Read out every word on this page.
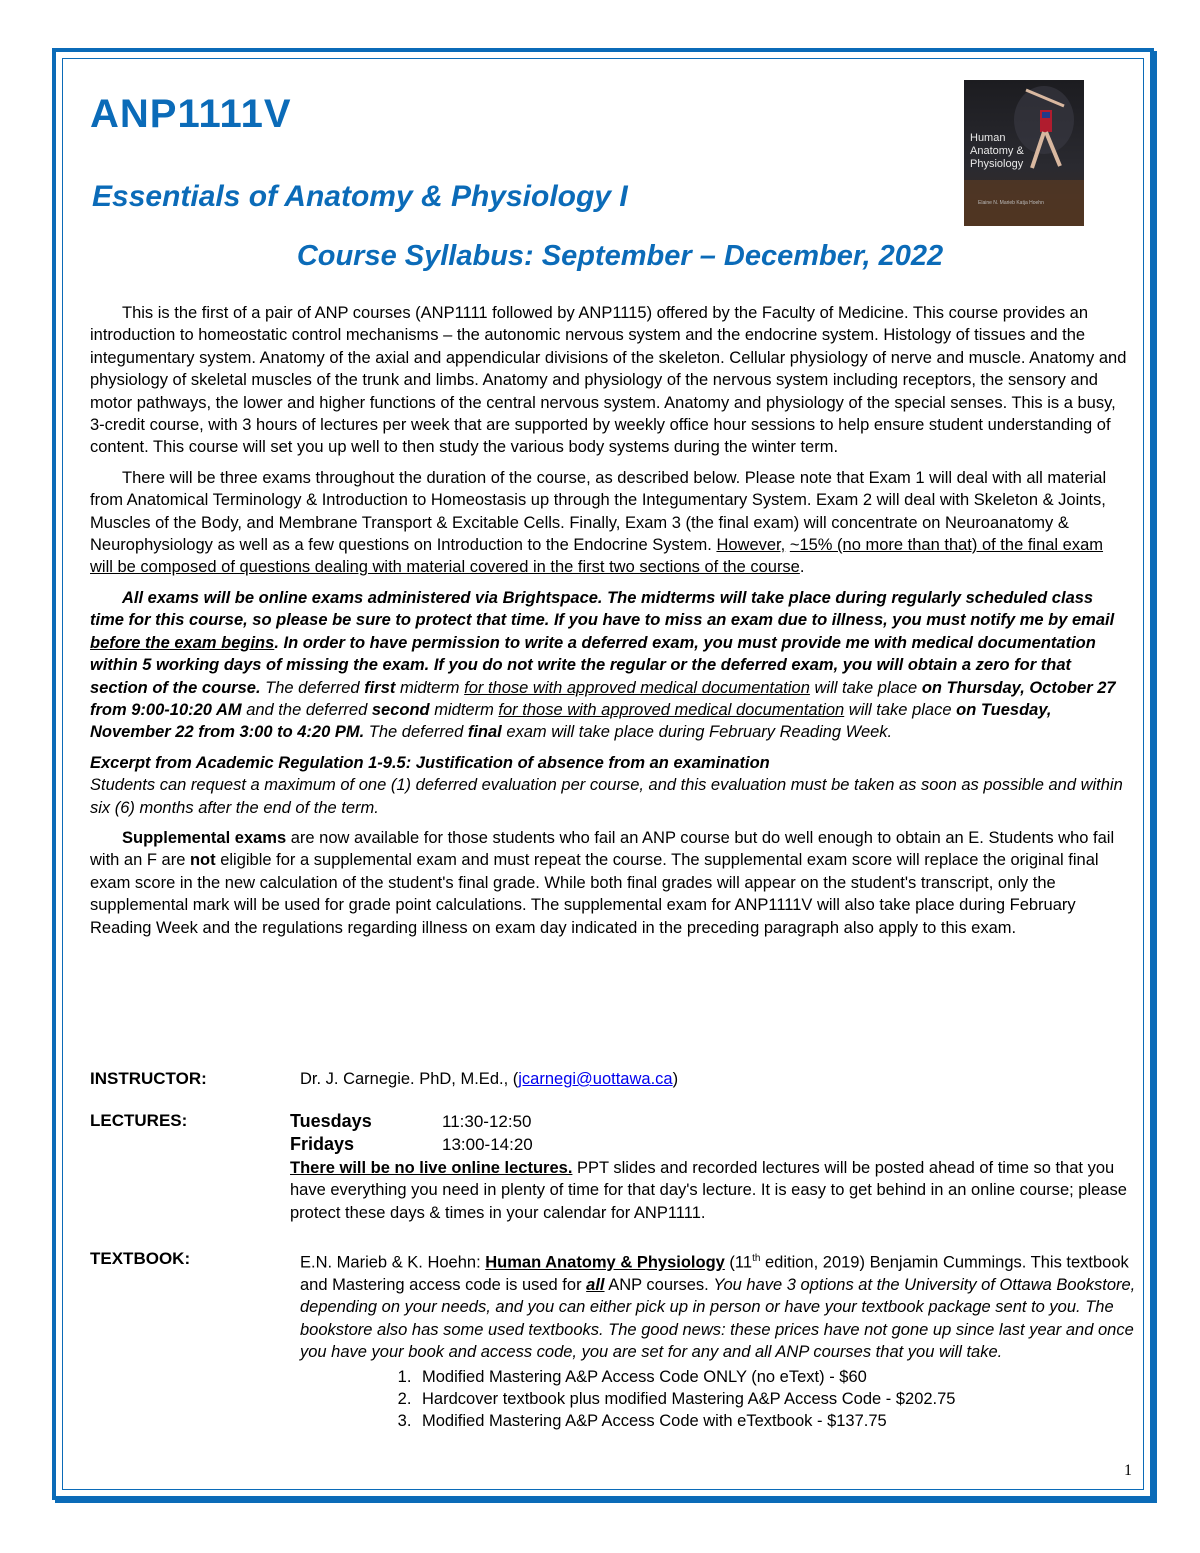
ANP1111V
Essentials of Anatomy & Physiology I
Course Syllabus: September – December, 2022
Human
Anatomy &
Physiology
Elaine N. Marieb Katja Hoehn

This is the first of a pair of ANP courses (ANP1111 followed by ANP1115) offered by the Faculty of Medicine. This course provides an introduction to homeostatic control mechanisms – the autonomic nervous system and the endocrine system. Histology of tissues and the integumentary system. Anatomy of the axial and appendicular divisions of the skeleton. Cellular physiology of nerve and muscle. Anatomy and physiology of skeletal muscles of the trunk and limbs. Anatomy and physiology of the nervous system including receptors, the sensory and motor pathways, the lower and higher functions of the central nervous system. Anatomy and physiology of the special senses. This is a busy, 3-credit course, with 3 hours of lectures per week that are supported by weekly office hour sessions to help ensure student understanding of content. This course will set you up well to then study the various body systems during the winter term.

There will be three exams throughout the duration of the course, as described below. Please note that Exam 1 will deal with all material from Anatomical Terminology & Introduction to Homeostasis up through the Integumentary System. Exam 2 will deal with Skeleton & Joints, Muscles of the Body, and Membrane Transport & Excitable Cells. Finally, Exam 3 (the final exam) will concentrate on Neuroanatomy & Neurophysiology as well as a few questions on Introduction to the Endocrine System. However, ~15% (no more than that) of the final exam will be composed of questions dealing with material covered in the first two sections of the course.

All exams will be online exams administered via Brightspace. The midterms will take place during regularly scheduled class time for this course, so please be sure to protect that time. If you have to miss an exam due to illness, you must notify me by email before the exam begins. In order to have permission to write a deferred exam, you must provide me with medical documentation within 5 working days of missing the exam. If you do not write the regular or the deferred exam, you will obtain a zero for that section of the course. The deferred first midterm for those with approved medical documentation will take place on Thursday, October 27 from 9:00-10:20 AM and the deferred second midterm for those with approved medical documentation will take place on Tuesday, November 22 from 3:00 to 4:20 PM. The deferred final exam will take place during February Reading Week.

Excerpt from Academic Regulation 1-9.5: Justification of absence from an examination
Students can request a maximum of one (1) deferred evaluation per course, and this evaluation must be taken as soon as possible and within six (6) months after the end of the term.

Supplemental exams are now available for those students who fail an ANP course but do well enough to obtain an E. Students who fail with an F are not eligible for a supplemental exam and must repeat the course. The supplemental exam score will replace the original final exam score in the new calculation of the student's final grade. While both final grades will appear on the student's transcript, only the supplemental mark will be used for grade point calculations. The supplemental exam for ANP1111V will also take place during February Reading Week and the regulations regarding illness on exam day indicated in the preceding paragraph also apply to this exam.

INSTRUCTOR:	Dr. J. Carnegie. PhD, M.Ed., (jcarnegi@uottawa.ca)
LECTURES:	Tuesdays	11:30-12:50
Fridays	13:00-14:20
There will be no live online lectures. PPT slides and recorded lectures will be posted ahead of time so that you have everything you need in plenty of time for that day's lecture. It is easy to get behind in an online course; please protect these days & times in your calendar for ANP1111.
TEXTBOOK:	E.N. Marieb & K. Hoehn: Human Anatomy & Physiology (11th edition, 2019) Benjamin Cummings. This textbook and Mastering access code is used for all ANP courses. You have 3 options at the University of Ottawa Bookstore, depending on your needs, and you can either pick up in person or have your textbook package sent to you. The bookstore also has some used textbooks. The good news: these prices have not gone up since last year and once you have your book and access code, you are set for any and all ANP courses that you will take.
1. Modified Mastering A&P Access Code ONLY (no eText) - $60
2. Hardcover textbook plus modified Mastering A&P Access Code - $202.75
3. Modified Mastering A&P Access Code with eTextbook - $137.75
1
